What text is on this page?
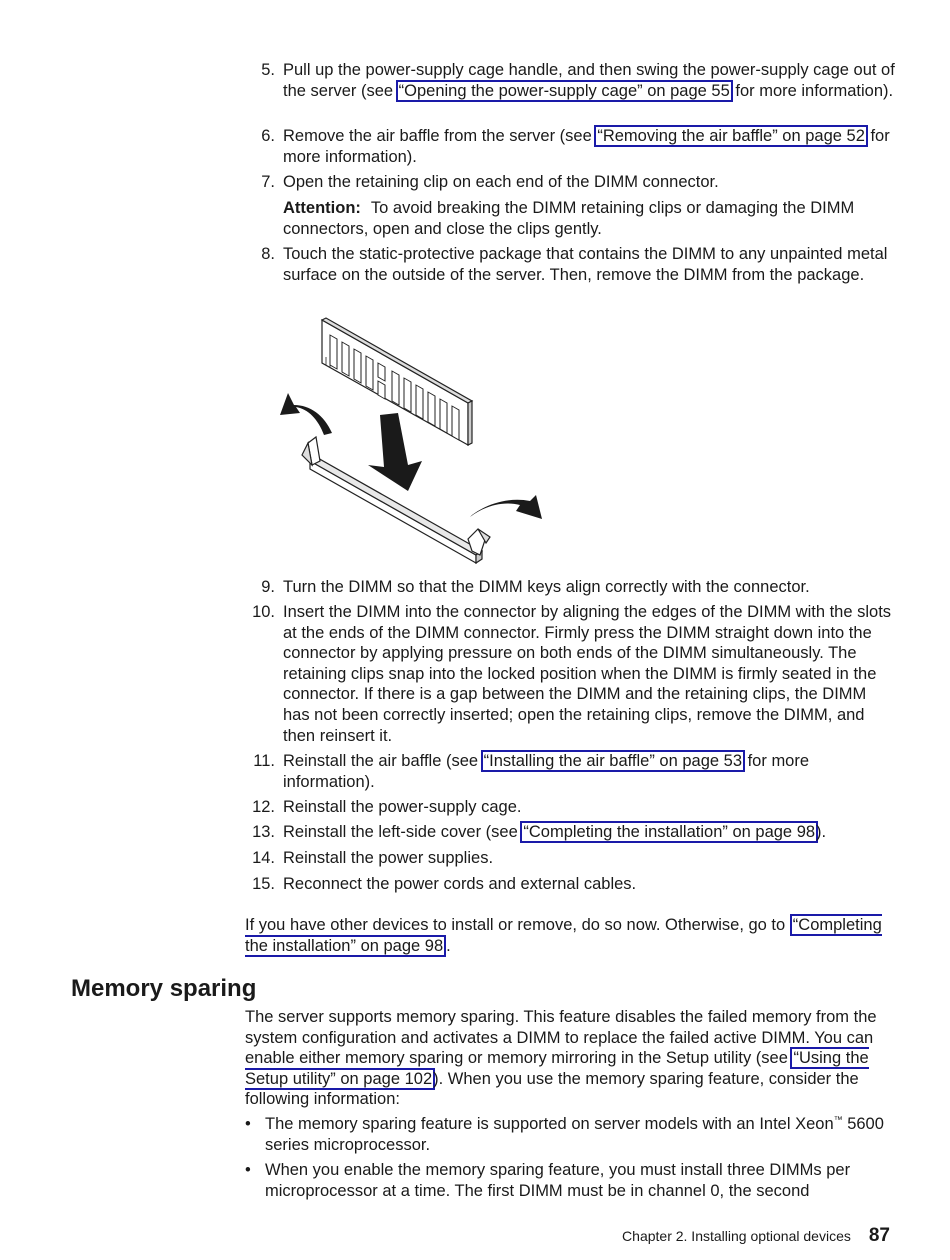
5. Pull up the power-supply cage handle, and then swing the power-supply cage out of the server (see “Opening the power-supply cage” on page 55 for more information).
6. Remove the air baffle from the server (see “Removing the air baffle” on page 52 for more information).
7. Open the retaining clip on each end of the DIMM connector.
Attention: To avoid breaking the DIMM retaining clips or damaging the DIMM connectors, open and close the clips gently.
8. Touch the static-protective package that contains the DIMM to any unpainted metal surface on the outside of the server. Then, remove the DIMM from the package.
9. Turn the DIMM so that the DIMM keys align correctly with the connector.
10. Insert the DIMM into the connector by aligning the edges of the DIMM with the slots at the ends of the DIMM connector. Firmly press the DIMM straight down into the connector by applying pressure on both ends of the DIMM simultaneously. The retaining clips snap into the locked position when the DIMM is firmly seated in the connector. If there is a gap between the DIMM and the retaining clips, the DIMM has not been correctly inserted; open the retaining clips, remove the DIMM, and then reinsert it.
11. Reinstall the air baffle (see “Installing the air baffle” on page 53 for more information).
12. Reinstall the power-supply cage.
13. Reinstall the left-side cover (see “Completing the installation” on page 98).
14. Reinstall the power supplies.
15. Reconnect the power cords and external cables.
If you have other devices to install or remove, do so now. Otherwise, go to “Completing the installation” on page 98 .
Memory sparing
The server supports memory sparing. This feature disables the failed memory from the system configuration and activates a DIMM to replace the failed active DIMM. You can enable either memory sparing or memory mirroring in the Setup utility (see “Using the Setup utility” on page 102). When you use the memory sparing feature, consider the following information:
• The memory sparing feature is supported on server models with an Intel Xeon™ 5600 series microprocessor.
• When you enable the memory sparing feature, you must install three DIMMs per microprocessor at a time. The first DIMM must be in channel 0, the second
Chapter 2. Installing optional devices 87
